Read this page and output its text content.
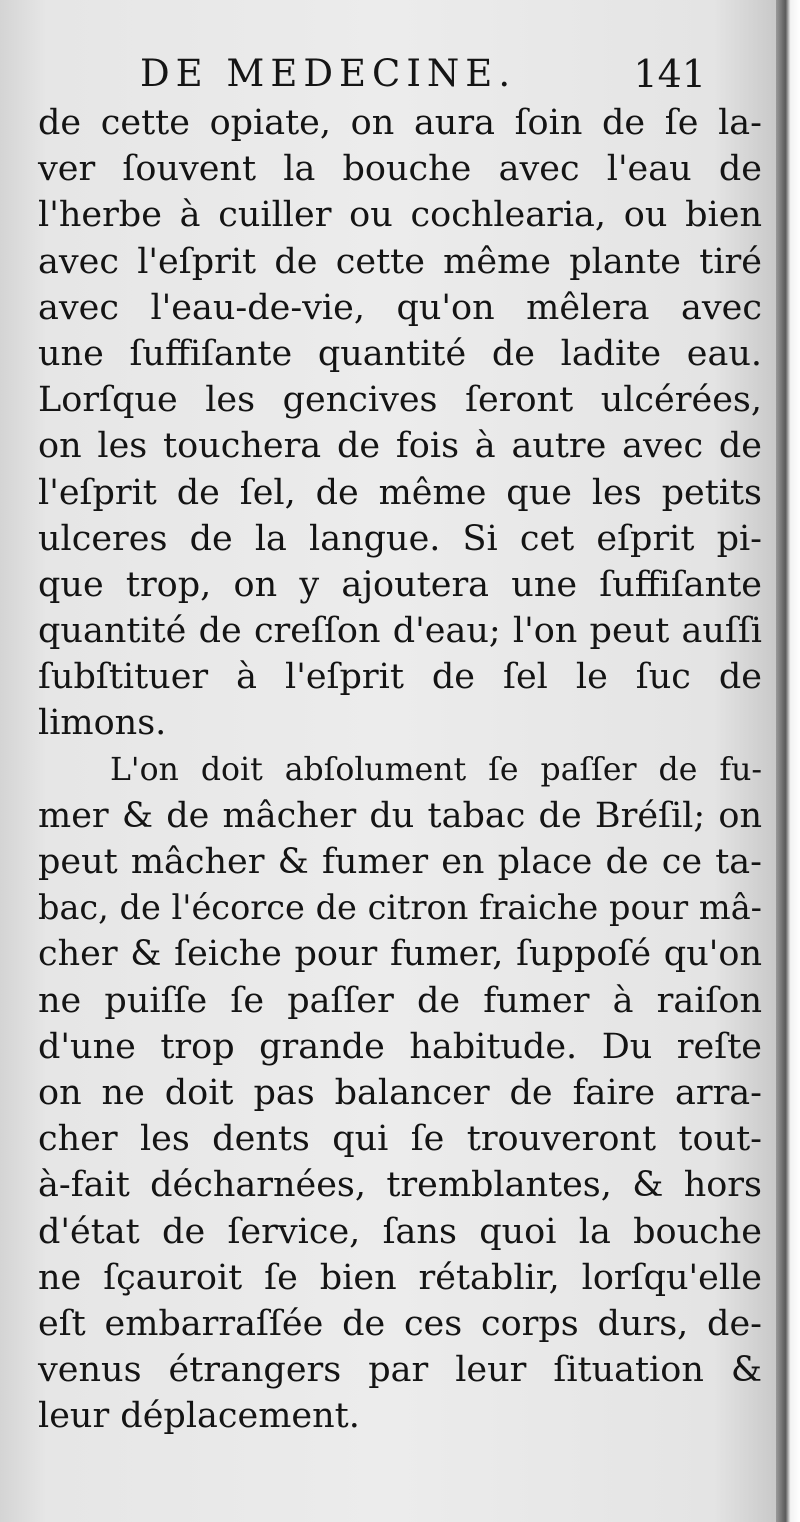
DE MEDECINE.	141
de cette opiate, on aura ſoin de ſe la-
ver ſouvent la bouche avec l'eau de
l'herbe à cuiller ou cochlearia, ou bien
avec l'eſprit de cette même plante tiré
avec l'eau-de-vie, qu'on mêlera avec
une ſuffiſante quantité de ladite eau.
Lorſque les gencives ſeront ulcérées,
on les touchera de fois à autre avec de
l'eſprit de ſel, de même que les petits
ulceres de la langue. Si cet eſprit pi-
que trop, on y ajoutera une ſuffiſante
quantité de creſſon d'eau; l'on peut auſſi
ſubſtituer à l'eſprit de ſel le ſuc de
limons.
L'on doit abſolument ſe paſſer de fu-
mer & de mâcher du tabac de Bréſil; on
peut mâcher & fumer en place de ce ta-
bac, de l'écorce de citron fraiche pour mâ-
cher & ſeiche pour fumer, ſuppoſé qu'on
ne puiſſe ſe paſſer de fumer à raiſon
d'une trop grande habitude. Du reſte
on ne doit pas balancer de faire arra-
cher les dents qui ſe trouveront tout-
à-fait décharnées, tremblantes, & hors
d'état de ſervice, ſans quoi la bouche
ne ſçauroit ſe bien rétablir, lorſqu'elle
eſt embarraſſée de ces corps durs, de-
venus étrangers par leur ſituation &
leur déplacement.
